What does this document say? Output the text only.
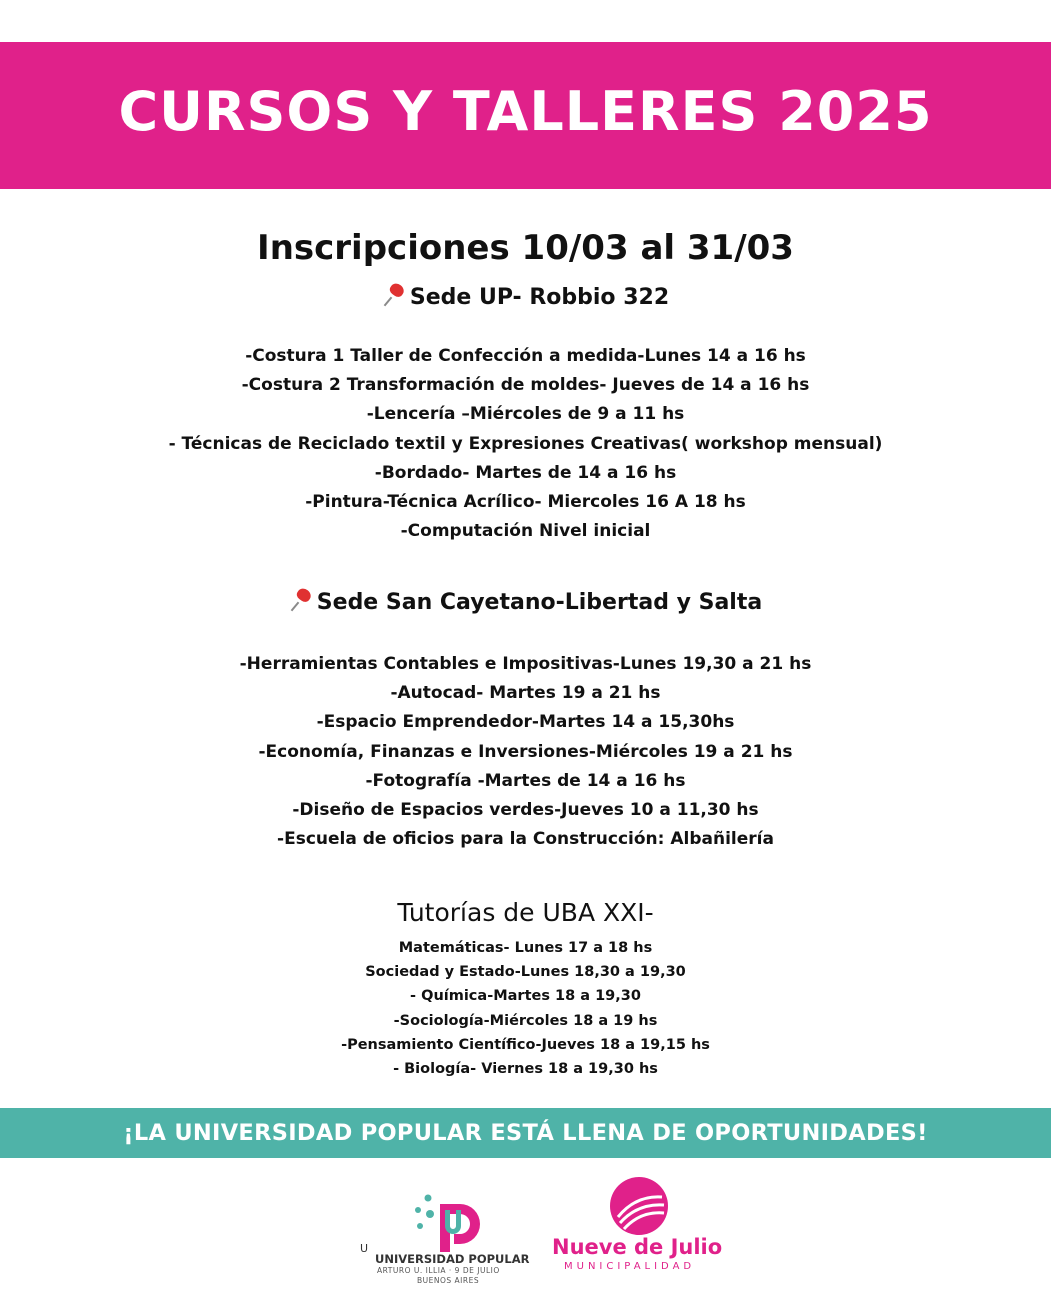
CURSOS Y TALLERES 2025
Inscripciones 10/03 al 31/03
Sede UP- Robbio 322
-Costura 1 Taller de Confección a medida-Lunes 14 a 16 hs
-Costura 2 Transformación de moldes- Jueves de 14 a 16 hs
-Lencería –Miércoles de 9 a 11 hs
- Técnicas de Reciclado textil y Expresiones Creativas( workshop mensual)
-Bordado- Martes de 14 a 16 hs
-Pintura-Técnica Acrílico- Miercoles 16 A 18 hs
-Computación Nivel inicial
Sede San Cayetano-Libertad y Salta
-Herramientas Contables e Impositivas-Lunes 19,30 a 21 hs
-Autocad- Martes 19 a 21 hs
-Espacio Emprendedor-Martes 14 a 15,30hs
-Economía, Finanzas e Inversiones-Miércoles 19 a 21 hs
-Fotografía -Martes de 14 a 16 hs
-Diseño de Espacios verdes-Jueves 10 a 11,30 hs
-Escuela de oficios para la Construcción: Albañilería
Tutorías de UBA XXI-
Matemáticas- Lunes 17 a 18 hs
Sociedad y Estado-Lunes 18,30 a 19,30
- Química-Martes 18 a 19,30
-Sociología-Miércoles 18 a 19 hs
-Pensamiento Científico-Jueves 18 a 19,15 hs
- Biología- Viernes 18 a 19,30 hs
¡LA UNIVERSIDAD POPULAR ESTÁ LLENA DE OPORTUNIDADES!
U
UNIVERSIDAD POPULAR
ARTURO U. ILLIA · 9 DE JULIO
BUENOS AIRES
Nueve de Julio
MUNICIPALIDAD
